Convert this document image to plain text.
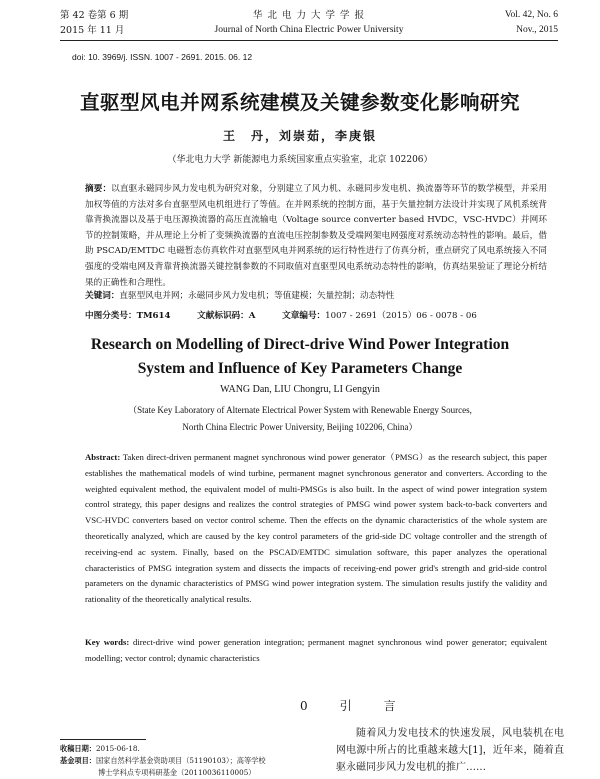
第 42 卷第 6 期
2015 年 11 月
华 北 电 力 大 学 学 报
Journal of North China Electric Power University
Vol. 42, No. 6
Nov., 2015
doi: 10. 3969/j. ISSN. 1007 - 2691. 2015. 06. 12
直驱型风电并网系统建模及关键参数变化影响研究
王　丹，刘崇茹，李庚银
（华北电力大学 新能源电力系统国家重点实验室，北京 102206）
摘要：以直驱永磁同步风力发电机为研究对象，分别建立了风力机、永磁同步发电机、换流器等环节的数学模型，并采用加权等值的方法对多台直驱型风电机组进行了等值。在并网系统的控制方面，基于矢量控制方法设计并实现了风机系统背靠背换流器以及基于电压源换流器的高压直流输电（Voltage source converter based HVDC，VSC-HVDC）并网环节的控制策略，并从理论上分析了变频换流器的直流电压控制参数及受端网架电网强度对系统动态特性的影响。最后，借助 PSCAD/EMTDC 电磁暂态仿真软件对直驱型风电并网系统的运行特性进行了仿真分析，重点研究了风电系统接入不同强度的受端电网及背靠背换流器关键控制参数的不同取值对直驱型风电系统动态特性的影响，仿真结果验证了理论分析结果的正确性和合理性。
关键词：直驱型风电并网；永磁同步风力发电机；等值建模；矢量控制；动态特性
中图分类号：TM614	文献标识码：A	文章编号：1007 - 2691（2015）06 - 0078 - 06
Research on Modelling of Direct-drive Wind Power Integration
System and Influence of Key Parameters Change
WANG Dan, LIU Chongru, LI Gengyin
（State Key Laboratory of Alternate Electrical Power System with Renewable Energy Sources,
North China Electric Power University, Beijing 102206, China）
Abstract: Taken direct-driven permanent magnet synchronous wind power generator（PMSG）as the research subject, this paper establishes the mathematical models of wind turbine, permanent magnet synchronous generator and converters. According to the weighted equivalent method, the equivalent model of multi-PMSGs is also built. In the aspect of wind power integration system control strategy, this paper designs and realizes the control strategies of PMSG wind power system back-to-back converters and VSC-HVDC converters based on vector control scheme. Then the effects on the dynamic characteristics of the whole system are theoretically analyzed, which are caused by the key control parameters of the grid-side DC voltage controller and the strength of receiving-end ac system. Finally, based on the PSCAD/EMTDC simulation software, this paper analyzes the operational characteristics of PMSG integration system and dissects the impacts of receiving-end power grid's strength and grid-side control parameters on the dynamic characteristics of PMSG wind power integration system. The simulation results justify the validity and rationality of the theoretically analytical results.
Key words: direct-drive wind power generation integration; permanent magnet synchronous wind power generator; equivalent modelling; vector control; dynamic characteristics
0　引　言
收稿日期：2015-06-18.
基金项目：国家自然科学基金资助项目（51190103）；高等学校
博士学科点专项科研基金（20110036110005）
随着风力发电技术的快速发展，风电装机在电网电源中所占的比重越来越大[1]，近年来，随着直驱永磁同步风力发电机的推广……
